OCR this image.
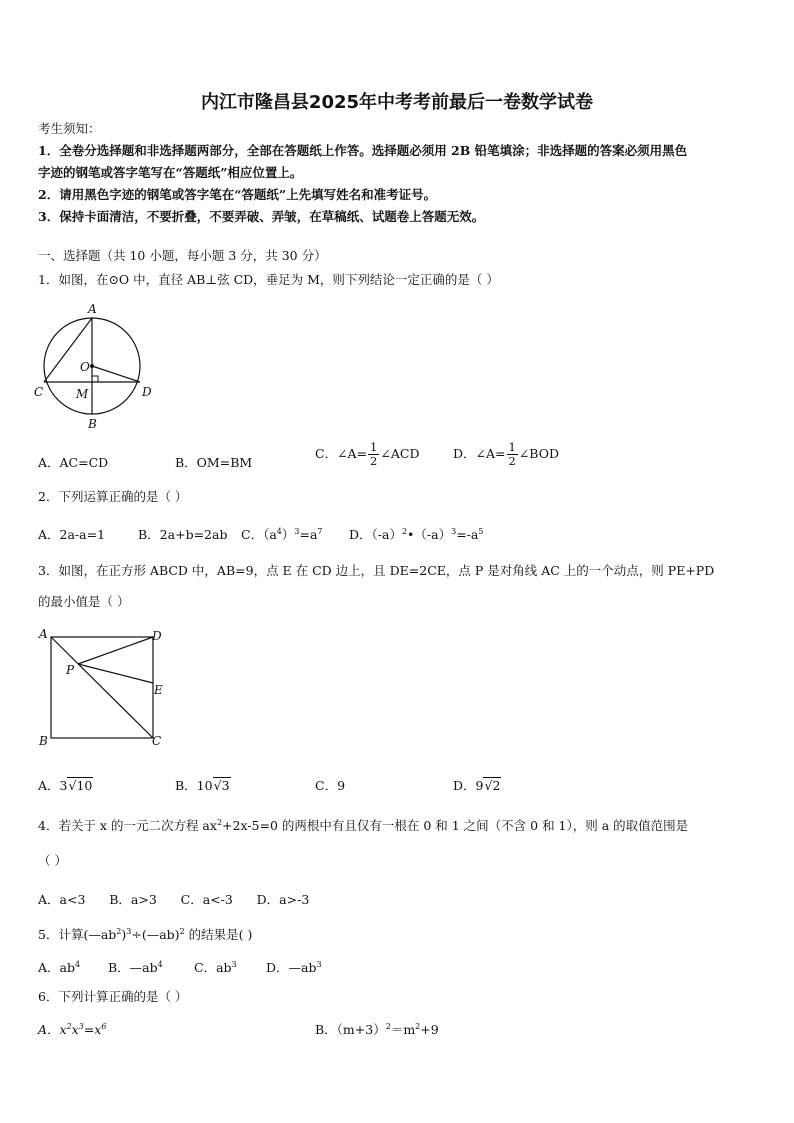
内江市隆昌县2025年中考考前最后一卷数学试卷
考生须知：
1．全卷分选择题和非选择题两部分，全部在答题纸上作答。选择题必须用 2B 铅笔填涂；非选择题的答案必须用黑色
字迹的钢笔或答字笔写在“答题纸”相应位置上。
2．请用黑色字迹的钢笔或答字笔在“答题纸”上先填写姓名和准考证号。
3．保持卡面清洁，不要折叠，不要弄破、弄皱，在草稿纸、试题卷上答题无效。
一、选择题（共 10 小题，每小题 3 分，共 30 分）
1．如图，在⊙O 中，直径 AB⊥弦 CD，垂足为 M，则下列结论一定正确的是（ ）
A
B
C	D
O
M
A．AC=CD	B．OM=BM
C．∠A= $\frac{1}{2}$ ∠ACD	D．∠A= $\frac{1}{2}$ ∠BOD
2．下列运算正确的是（ ）
A．2a-a=1	B．2a+b=2ab C．$(a^4)^3=a^7$ D．$(-a)^2•(-a)^3=-a^5$
3．如图，在正方形 ABCD 中，AB=9，点 E 在 CD 边上，且 DE=2CE，点 P 是对角线 AC 上的一个动点，则 PE+PD
的最小值是（ ）
A
B	C
D
E
P
A．3√10	B．10√3	C．9	D．9√2
4．若关于 x 的一元二次方程 $ax^2+2x-5=0$ 的两根中有且仅有一根在 0 和 1 之间（不含 0 和 1），则 a 的取值范围是
（ ）
A．a<3      B．a>3      C．a<-3      D．a>-3
5．计算$(—ab^2)^3\div(—ab)^2$ 的结果是( )
A．$ab^4$ B．$—ab^4$	C．$ab^3$ D．$—ab^3$
6．下列计算正确的是（ ）
A．$x^2x^3=x^6$	B．$(m+3)^2=m^2+9$
